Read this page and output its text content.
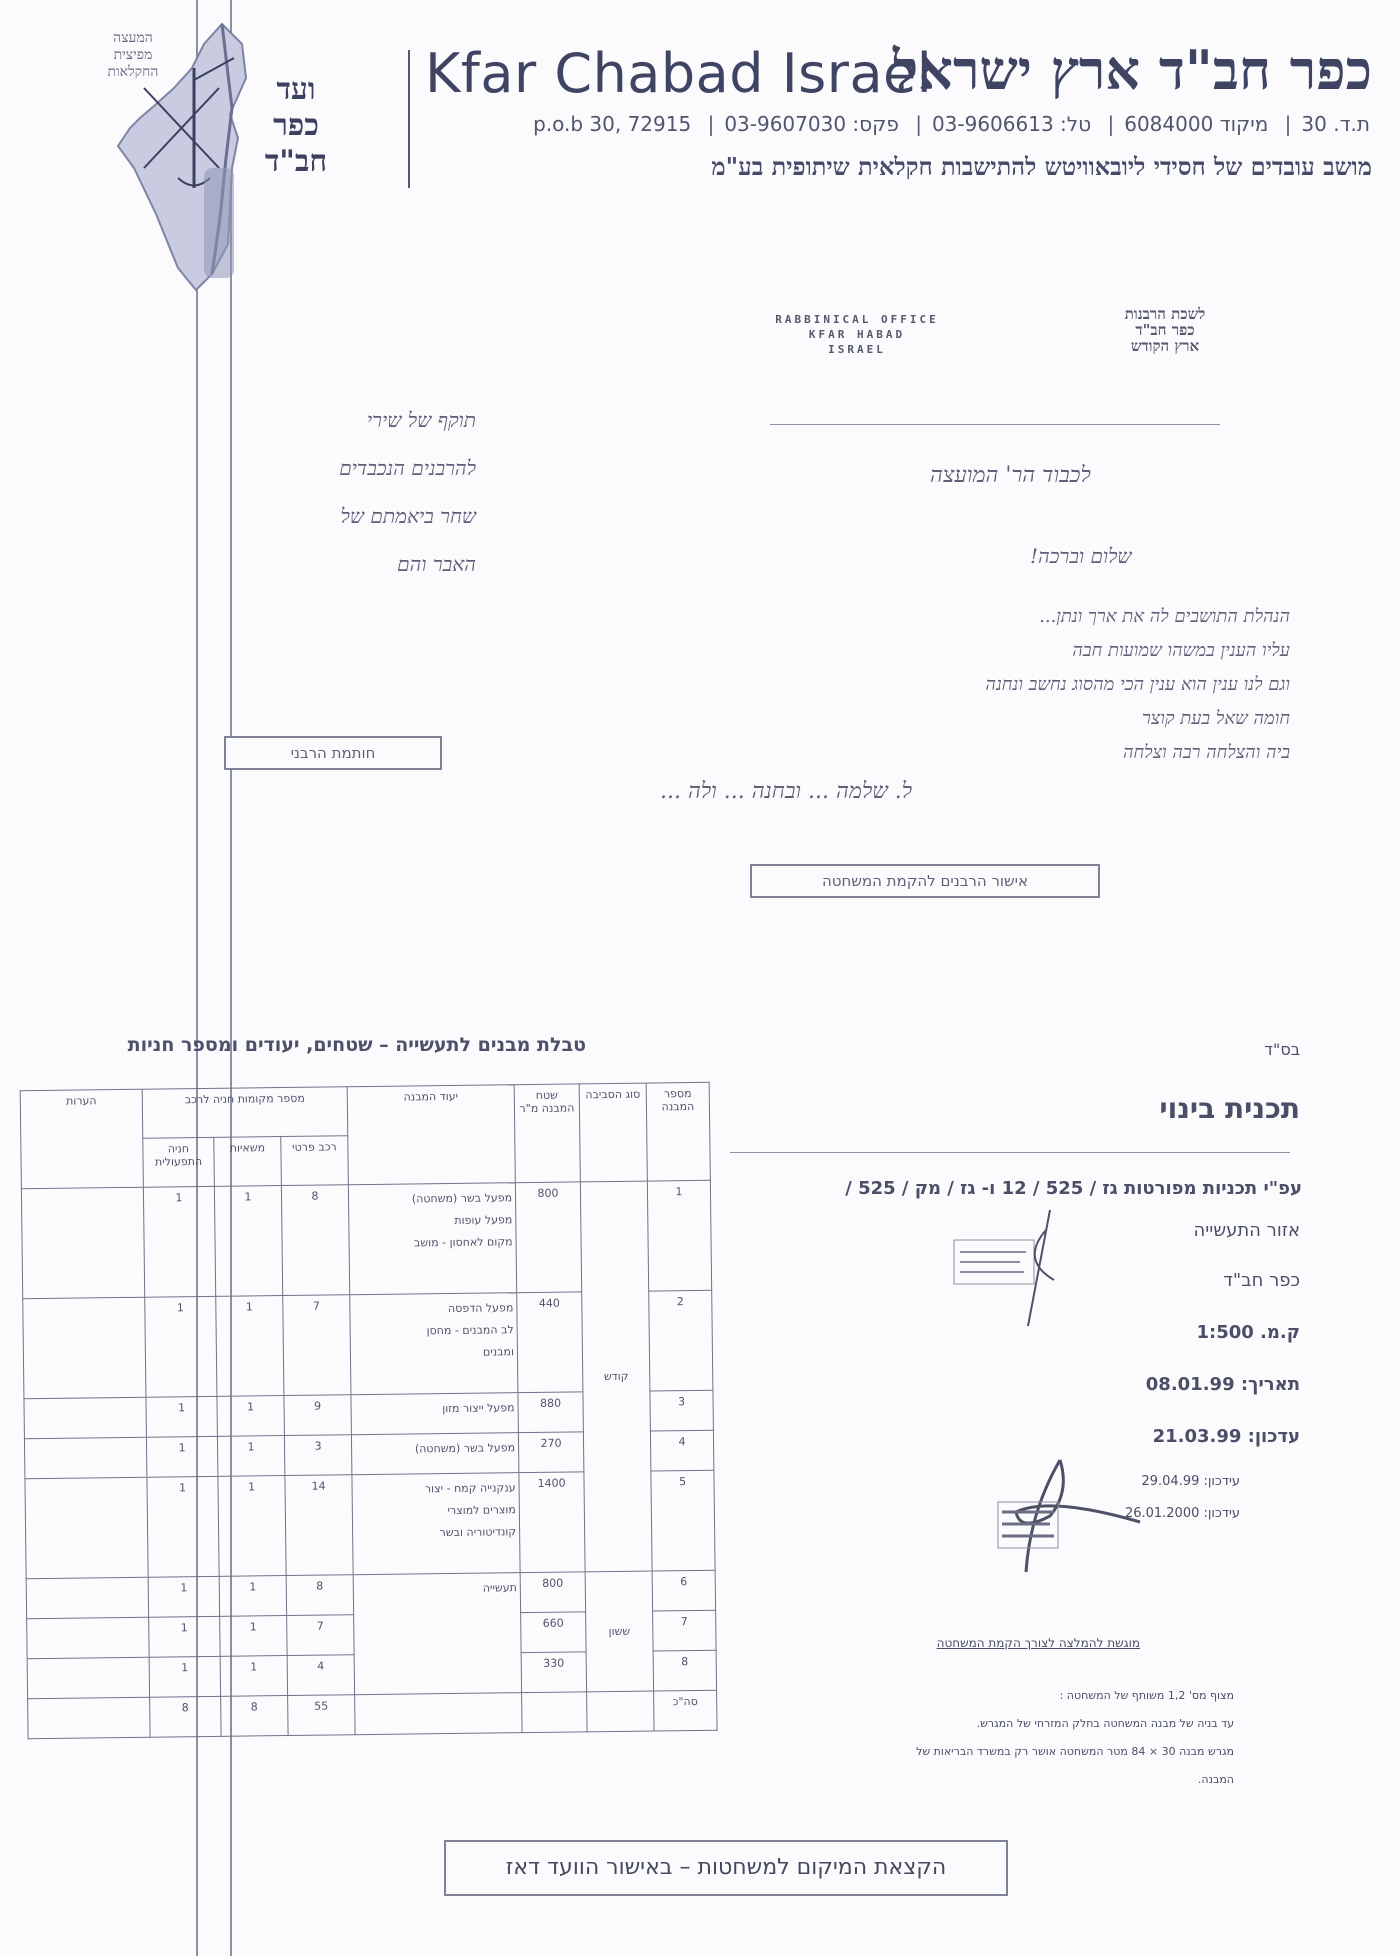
המעצה
מפיצית
החקלאות	ועד
כפר
חב"ד
Kfar Chabad Israel
כפר חב"ד ארץ ישראל
ת.ד. 30| מיקוד 6084000| טל: 03-9606613| פקס: 03-9607030| p.o.b 30, 72915
מושב עובדים של חסידי ליובאוויטש להתישבות חקלאית שיתופית בע"מ
RABBINICAL OFFICE
KFAR HABAD
ISRAEL
לשכת הרבנות
כפר חב"ד
ארץ הקודש
תוקף של שירי
להרבנים הנכבדים
שחר ביאמתם של
האבר והם
לכבוד הר' המועצה
שלום וברכה!
הנהלת התושבים לה את ארך ונתן...
עליו הענין במשהו שמועות חבה
וגם לנו ענין הוא ענין הכי מהסוג נחשב ונחנה
חומה שאל בעת קוצר
ביה והצלחה רבה וצלחה
ל. שלמה ... ובחנה ... ולה ...
חותמת הרבני
אישור הרבנים להקמת המשחטה
טבלת מבנים לתעשייה – שטחים, יעודים ומספר חניות
מספר המבנה	סוג הסביבה	שטח המבנה מ"ר	יעוד המבנה	מספר מקומות חניה לרכב			הערות
				רכב פרטי	משאיות	חניה התפעולית	
1	קודש	800	מפעל בשר (משחטה)
מפעל עופות
מקום לאחסון - מושב	8	1	1	
2		440	מפעל הדפסה
לב המבנים - מחסן
ומבנים	7	1	1	
3		880	מפעל ייצור מזון	9	1	1	
4		270	מפעל בשר (משחטה)	3	1	1	
5		1400	ענקנייה קמח - יצור
מוצרים למוצרי
קונדיטוריה ובשר	14	1	1	
6	ששון	800	תעשייה	8	1	1	
7		660		7	1	1	
8		330		4	1	1	
סה"כ				55	8	8	
בס"ד
תכנית בינוי
עפ"י תכניות מפורטות גז / 525 / 12 ו- גז / מק / 525 /
אזור התעשייה
כפר חב"ד
ק.מ. 1:500
תאריך: 08.01.99
עדכון: 21.03.99
עידכון: 29.04.99
עידכון: 26.01.2000
מוגשת להמלצה לצורך הקמת המשחטה
מצוף מס' 1,2 משותף של המשחטה :
עד בניה של מבנה המשחטה בחלק המזרחי של המגרש.
מגרש מבנה 30 × 84 מטר המשחטה אושר רק במשרד הבריאות של
המבנה.
הקצאת המיקום למשחטות – באישור הוועד דאז
